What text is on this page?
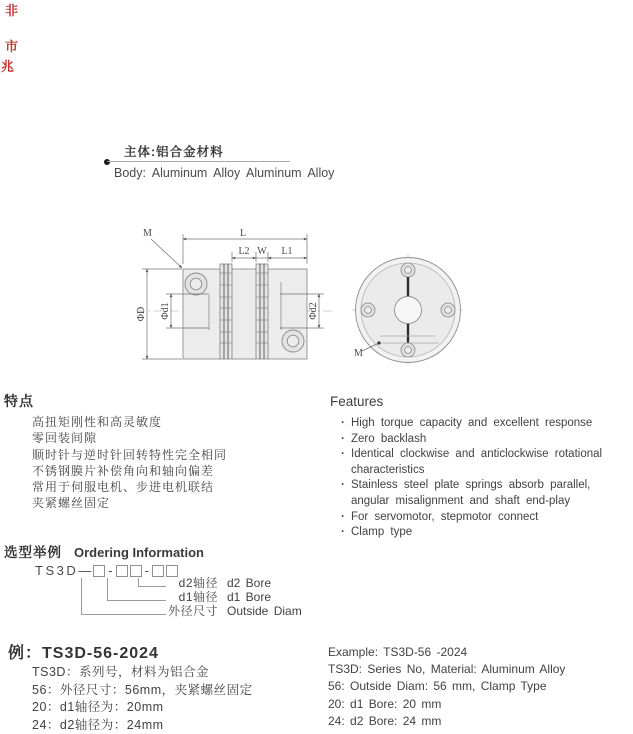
非
市
兆
主体:铝合金材料
Body: Aluminum Alloy Aluminum Alloy
L
L2 W L1
ΦD Φd1	Φd2
M
M
特点
高扭矩刚性和高灵敏度
零回装间隙
顺时针与逆时针回转特性完全相同
不锈钢膜片补偿角向和轴向偏差
常用于伺服电机、步进电机联结
夹紧螺丝固定
Features
· High torque capacity and excellent response
· Zero backlash
· Identical clockwise and anticlockwise rotational characteristics
· Stainless steel plate springs absorb parallel, angular misalignment and shaft end-play
· For servomotor, stepmotor connect
· Clamp type
选型举例 Ordering Information
TS3D — - -
d2轴径 d2 Bore
d1轴径 d1 Bore
外径尺寸 Outside Diam
例：TS3D-56-2024
TS3D：系列号，材料为铝合金
56：外径尺寸：56mm，夹紧螺丝固定
20：d1轴径为：20mm
24：d2轴径为：24mm
Example: TS3D-56 -2024
TS3D: Series No, Material: Aluminum Alloy
56: Outside Diam: 56 mm, Clamp Type
20: d1 Bore: 20 mm
24: d2 Bore: 24 mm
